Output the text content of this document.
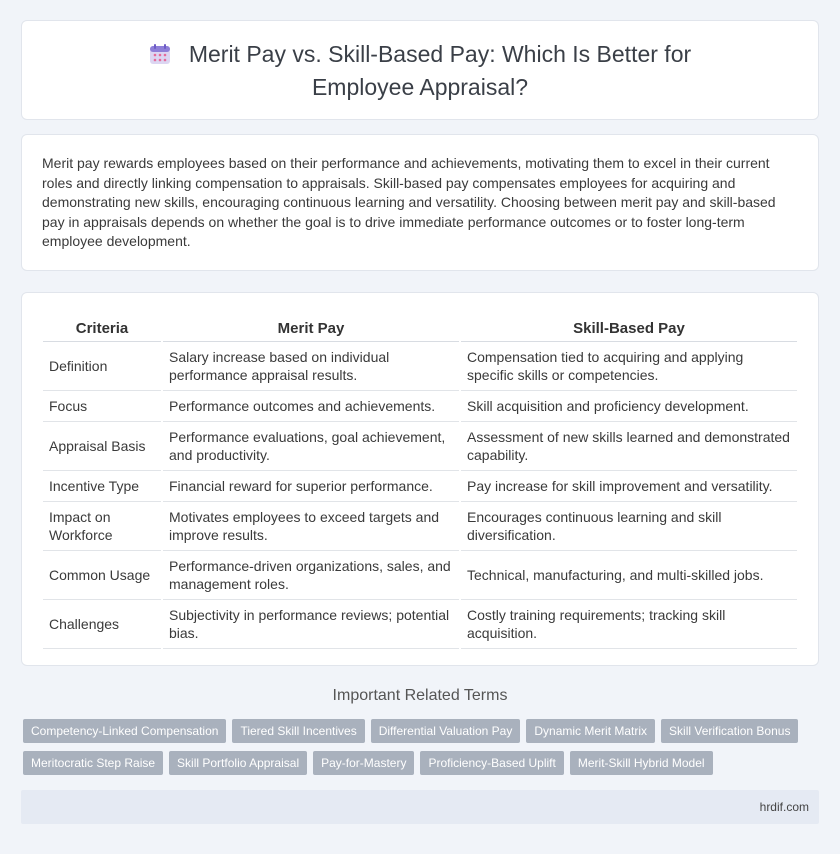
Merit Pay vs. Skill-Based Pay: Which Is Better for Employee Appraisal?

Merit pay rewards employees based on their performance and achievements, motivating them to excel in their current roles and directly linking compensation to appraisals. Skill-based pay compensates employees for acquiring and demonstrating new skills, encouraging continuous learning and versatility. Choosing between merit pay and skill-based pay in appraisals depends on whether the goal is to drive immediate performance outcomes or to foster long-term employee development.

Criteria	Merit Pay	Skill-Based Pay
Definition	Salary increase based on individual performance appraisal results.	Compensation tied to acquiring and applying specific skills or competencies.
Focus	Performance outcomes and achievements.	Skill acquisition and proficiency development.
Appraisal Basis	Performance evaluations, goal achievement, and productivity.	Assessment of new skills learned and demonstrated capability.
Incentive Type	Financial reward for superior performance.	Pay increase for skill improvement and versatility.
Impact on Workforce	Motivates employees to exceed targets and improve results.	Encourages continuous learning and skill diversification.
Common Usage	Performance-driven organizations, sales, and management roles.	Technical, manufacturing, and multi-skilled jobs.
Challenges	Subjectivity in performance reviews; potential bias.	Costly training requirements; tracking skill acquisition.
Important Related Terms
Competency-Linked Compensation	Tiered Skill Incentives	Differential Valuation Pay	Dynamic Merit Matrix	Skill Verification Bonus
Meritocratic Step Raise	Skill Portfolio Appraisal	Pay-for-Mastery	Proficiency-Based Uplift	Merit-Skill Hybrid Model
hrdif.com
